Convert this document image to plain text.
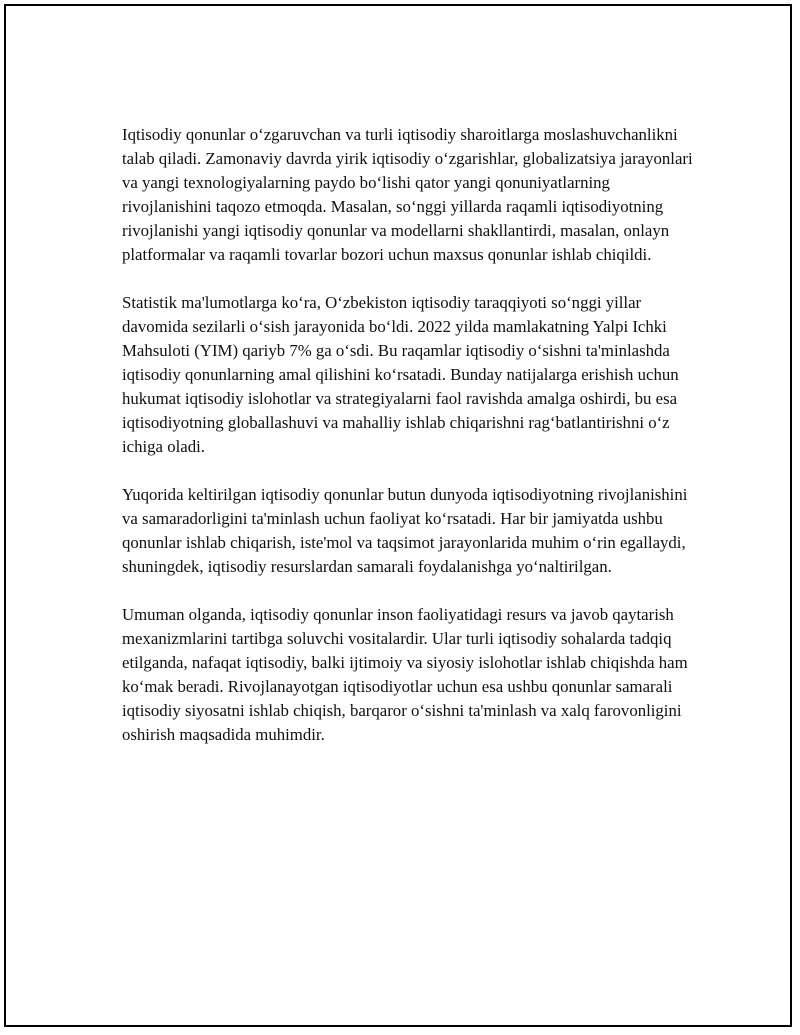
Iqtisodiy qonunlar o‘zgaruvchan va turli iqtisodiy sharoitlarga moslashuvchanlikni talab qiladi. Zamonaviy davrda yirik iqtisodiy o‘zgarishlar, globalizatsiya jarayonlari va yangi texnologiyalarning paydo bo‘lishi qator yangi qonuniyatlarning rivojlanishini taqozo etmoqda. Masalan, so‘nggi yillarda raqamli iqtisodiyotning rivojlanishi yangi iqtisodiy qonunlar va modellarni shakllantirdi, masalan, onlayn platformalar va raqamli tovarlar bozori uchun maxsus qonunlar ishlab chiqildi.

Statistik ma'lumotlarga ko‘ra, O‘zbekiston iqtisodiy taraqqiyoti so‘nggi yillar davomida sezilarli o‘sish jarayonida bo‘ldi. 2022 yilda mamlakatning Yalpi Ichki Mahsuloti (YIM) qariyb 7% ga o‘sdi. Bu raqamlar iqtisodiy o‘sishni ta'minlashda iqtisodiy qonunlarning amal qilishini ko‘rsatadi. Bunday natijalarga erishish uchun hukumat iqtisodiy islohotlar va strategiyalarni faol ravishda amalga oshirdi, bu esa iqtisodiyotning globallashuvi va mahalliy ishlab chiqarishni rag‘batlantirishni o‘z ichiga oladi.

Yuqorida keltirilgan iqtisodiy qonunlar butun dunyoda iqtisodiyotning rivojlanishini va samaradorligini ta'minlash uchun faoliyat ko‘rsatadi. Har bir jamiyatda ushbu qonunlar ishlab chiqarish, iste'mol va taqsimot jarayonlarida muhim o‘rin egallaydi, shuningdek, iqtisodiy resurslardan samarali foydalanishga yo‘naltirilgan.

Umuman olganda, iqtisodiy qonunlar inson faoliyatidagi resurs va javob qaytarish mexanizmlarini tartibga soluvchi vositalardir. Ular turli iqtisodiy sohalarda tadqiq etilganda, nafaqat iqtisodiy, balki ijtimoiy va siyosiy islohotlar ishlab chiqishda ham ko‘mak beradi. Rivojlanayotgan iqtisodiyotlar uchun esa ushbu qonunlar samarali iqtisodiy siyosatni ishlab chiqish, barqaror o‘sishni ta'minlash va xalq farovonligini oshirish maqsadida muhimdir.
